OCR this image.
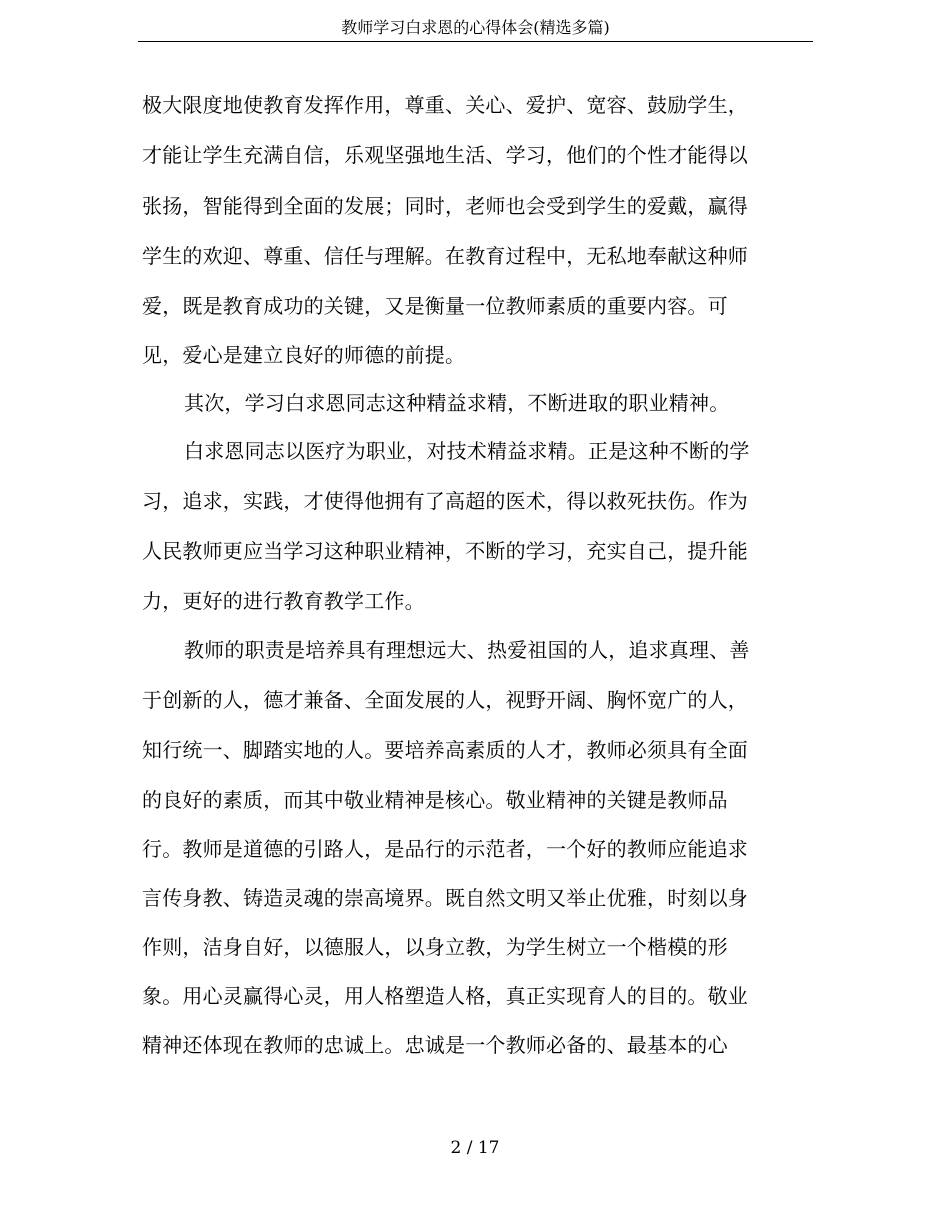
教师学习白求恩的心得体会(精选多篇)
极大限度地使教育发挥作用，尊重、关心、爱护、宽容、鼓励学生，
才能让学生充满自信，乐观坚强地生活、学习，他们的个性才能得以
张扬，智能得到全面的发展；同时，老师也会受到学生的爱戴，赢得
学生的欢迎、尊重、信任与理解。在教育过程中，无私地奉献这种师
爱，既是教育成功的关键，又是衡量一位教师素质的重要内容。可
见，爱心是建立良好的师德的前提。
其次，学习白求恩同志这种精益求精，不断进取的职业精神。
白求恩同志以医疗为职业，对技术精益求精。正是这种不断的学
习，追求，实践，才使得他拥有了高超的医术，得以救死扶伤。作为
人民教师更应当学习这种职业精神，不断的学习，充实自己，提升能
力，更好的进行教育教学工作。
教师的职责是培养具有理想远大、热爱祖国的人，追求真理、善
于创新的人，德才兼备、全面发展的人，视野开阔、胸怀宽广的人，
知行统一、脚踏实地的人。要培养高素质的人才，教师必须具有全面
的良好的素质，而其中敬业精神是核心。敬业精神的关键是教师品
行。教师是道德的引路人，是品行的示范者，一个好的教师应能追求
言传身教、铸造灵魂的崇高境界。既自然文明又举止优雅，时刻以身
作则，洁身自好，以德服人，以身立教，为学生树立一个楷模的形
象。用心灵赢得心灵，用人格塑造人格，真正实现育人的目的。敬业
精神还体现在教师的忠诚上。忠诚是一个教师必备的、最基本的心
2 / 17
